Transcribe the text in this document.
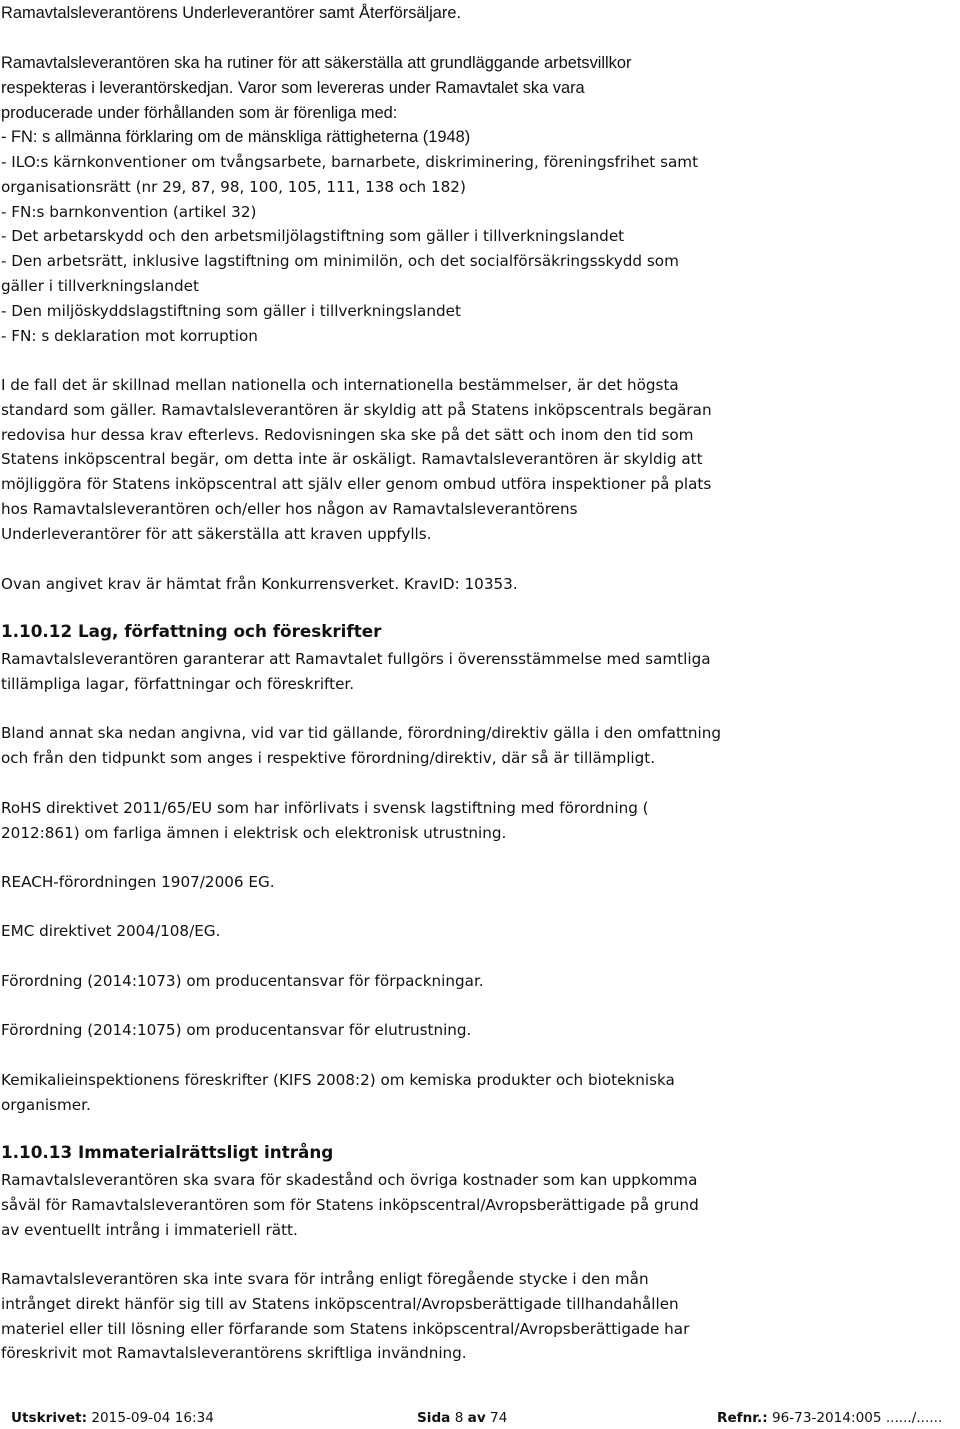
Ramavtalsleverantörens Underleverantörer samt Återförsäljare.
Ramavtalsleverantören ska ha rutiner för att säkerställa att grundläggande arbetsvillkor
respekteras i leverantörskedjan. Varor som levereras under Ramavtalet ska vara
producerade under förhållanden som är förenliga med:
- FN: s allmänna förklaring om de mänskliga rättigheterna (1948)
- ILO:s kärnkonventioner om tvångsarbete, barnarbete, diskriminering, föreningsfrihet samt
organisationsrätt (nr 29, 87, 98, 100, 105, 111, 138 och 182)
- FN:s barnkonvention (artikel 32)
- Det arbetarskydd och den arbetsmiljölagstiftning som gäller i tillverkningslandet
- Den arbetsrätt, inklusive lagstiftning om minimilön, och det socialförsäkringsskydd som
gäller i tillverkningslandet
- Den miljöskyddslagstiftning som gäller i tillverkningslandet
- FN: s deklaration mot korruption
I de fall det är skillnad mellan nationella och internationella bestämmelser, är det högsta
standard som gäller. Ramavtalsleverantören är skyldig att på Statens inköpscentrals begäran
redovisa hur dessa krav efterlevs. Redovisningen ska ske på det sätt och inom den tid som
Statens inköpscentral begär, om detta inte är oskäligt. Ramavtalsleverantören är skyldig att
möjliggöra för Statens inköpscentral att själv eller genom ombud utföra inspektioner på plats
hos Ramavtalsleverantören och/eller hos någon av Ramavtalsleverantörens
Underleverantörer för att säkerställa att kraven uppfylls.
Ovan angivet krav är hämtat från Konkurrensverket. KravID: 10353.
1.10.12 Lag, författning och föreskrifter
Ramavtalsleverantören garanterar att Ramavtalet fullgörs i överensstämmelse med samtliga
tillämpliga lagar, författningar och föreskrifter.
Bland annat ska nedan angivna, vid var tid gällande, förordning/direktiv gälla i den omfattning
och från den tidpunkt som anges i respektive förordning/direktiv, där så är tillämpligt.
RoHS direktivet 2011/65/EU som har införlivats i svensk lagstiftning med förordning (
2012:861) om farliga ämnen i elektrisk och elektronisk utrustning.
REACH-förordningen 1907/2006 EG.
EMC direktivet 2004/108/EG.
Förordning (2014:1073) om producentansvar för förpackningar.
Förordning (2014:1075) om producentansvar för elutrustning.
Kemikalieinspektionens föreskrifter (KIFS 2008:2) om kemiska produkter och biotekniska
organismer.
1.10.13 Immaterialrättsligt intrång
Ramavtalsleverantören ska svara för skadestånd och övriga kostnader som kan uppkomma
såväl för Ramavtalsleverantören som för Statens inköpscentral/Avropsberättigade på grund
av eventuellt intrång i immateriell rätt.
Ramavtalsleverantören ska inte svara för intrång enligt föregående stycke i den mån
intrånget direkt hänför sig till av Statens inköpscentral/Avropsberättigade tillhandahållen
materiel eller till lösning eller förfarande som Statens inköpscentral/Avropsberättigade har
föreskrivit mot Ramavtalsleverantörens skriftliga invändning.
Utskrivet: 2015-09-04 16:34	Sida 8 av 74	Refnr.: 96-73-2014:005 ....../......
